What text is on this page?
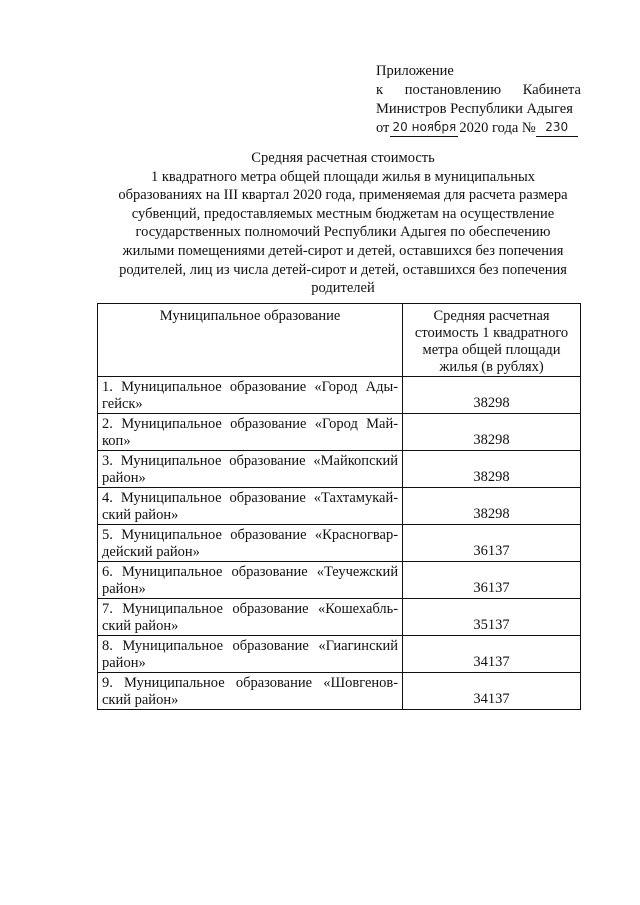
Приложение
к постановлению Кабинета
Министров Республики Адыгея
от 20 ноября 2020 года № 230
Средняя расчетная стоимость
1 квадратного метра общей площади жилья в муниципальных
образованиях на III квартал 2020 года, применяемая для расчета размера
субвенций, предоставляемых местным бюджетам на осуществление
государственных полномочий Республики Адыгея по обеспечению
жилыми помещениями детей-сирот и детей, оставшихся без попечения
родителей, лиц из числа детей-сирот и детей, оставшихся без попечения
родителей
Муниципальное образование	Средняя расчетная стоимость 1 квадратного метра общей площади жилья (в рублях)
1. Муниципальное образование «Город Ады-гейск»	38298
2. Муниципальное образование «Город Май-коп»	38298
3. Муниципальное образование «Майкопский район»	38298
4. Муниципальное образование «Тахтамукай-ский район»	38298
5. Муниципальное образование «Красногвар-дейский район»	36137
6. Муниципальное образование «Теучежский район»	36137
7. Муниципальное образование «Кошехабль-ский район»	35137
8. Муниципальное образование «Гиагинский район»	34137
9. Муниципальное образование «Шовгенов-ский район»	34137
